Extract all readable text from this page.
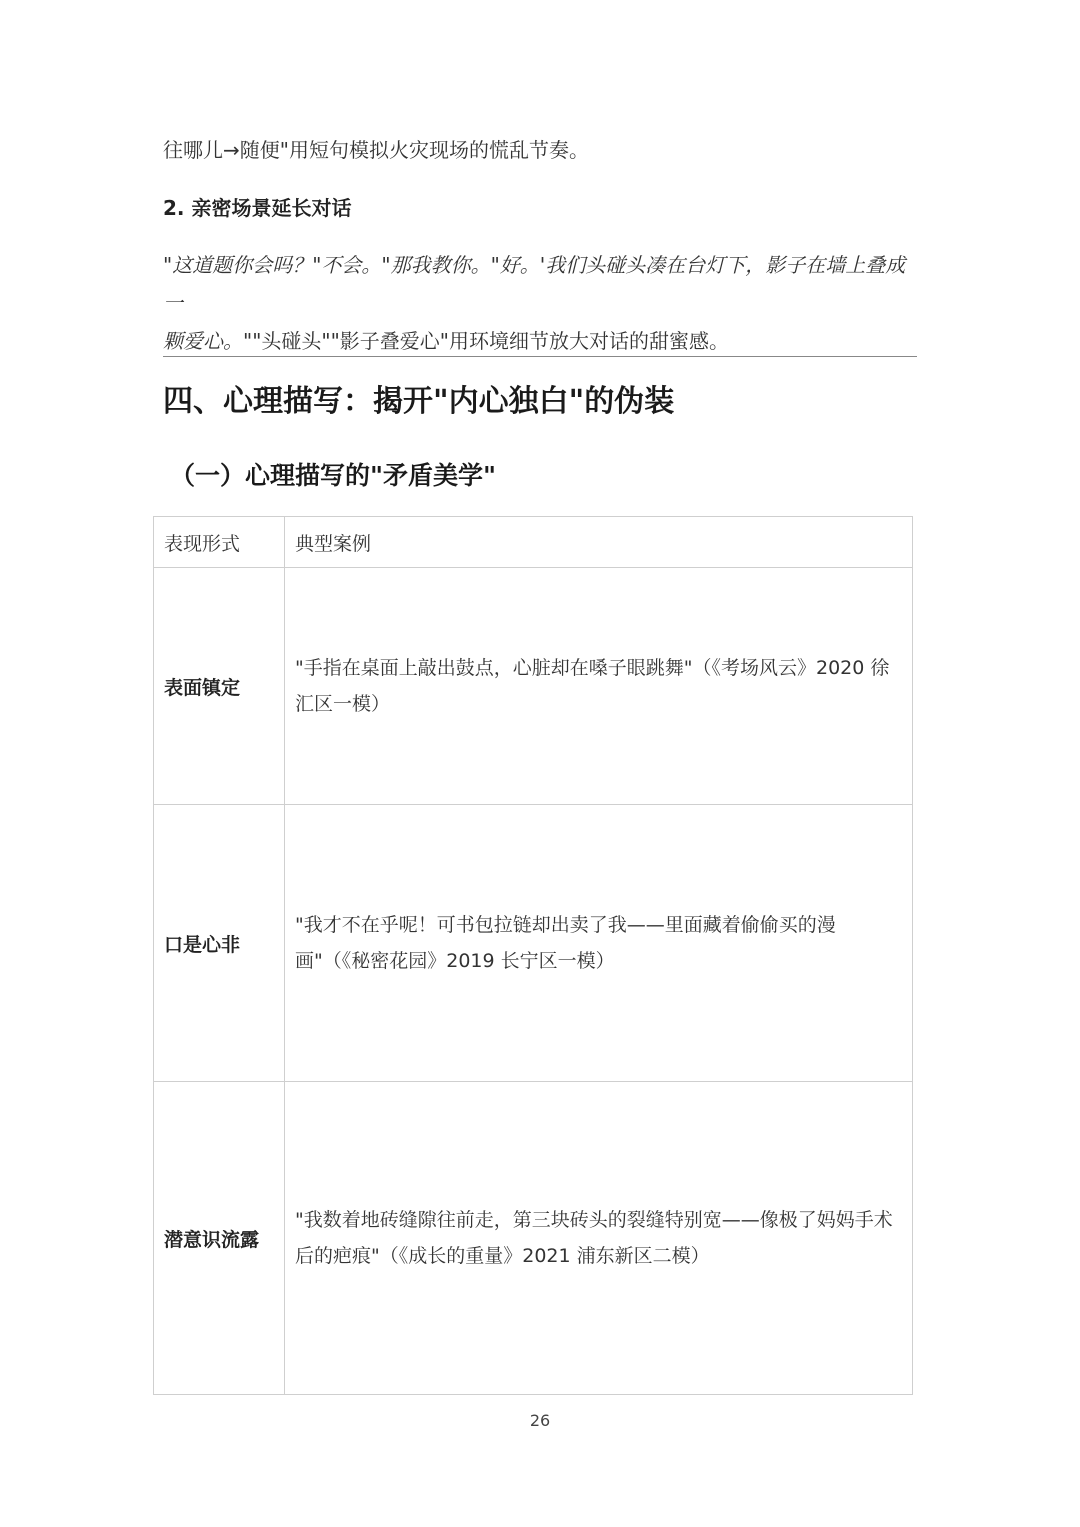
往哪儿→随便"用短句模拟火灾现场的慌乱节奏。
2. 亲密场景延长对话
"这道题你会吗？"不会。"那我教你。"好。'我们头碰头凑在台灯下，影子在墙上叠成一
颗爱心。""头碰头""影子叠爱心"用环境细节放大对话的甜蜜感。
四、心理描写：揭开"内心独白"的伪装
（一）心理描写的"矛盾美学"
表现形式	典型案例
表面镇定	"手指在桌面上敲出鼓点，心脏却在嗓子眼跳舞"（《考场风云》2020 徐汇区一模）
口是心非	"我才不在乎呢！可书包拉链却出卖了我——里面藏着偷偷买的漫画"（《秘密花园》2019 长宁区一模）
潜意识流露	"我数着地砖缝隙往前走，第三块砖头的裂缝特别宽——像极了妈妈手术后的疤痕"（《成长的重量》2021 浦东新区二模）
26
